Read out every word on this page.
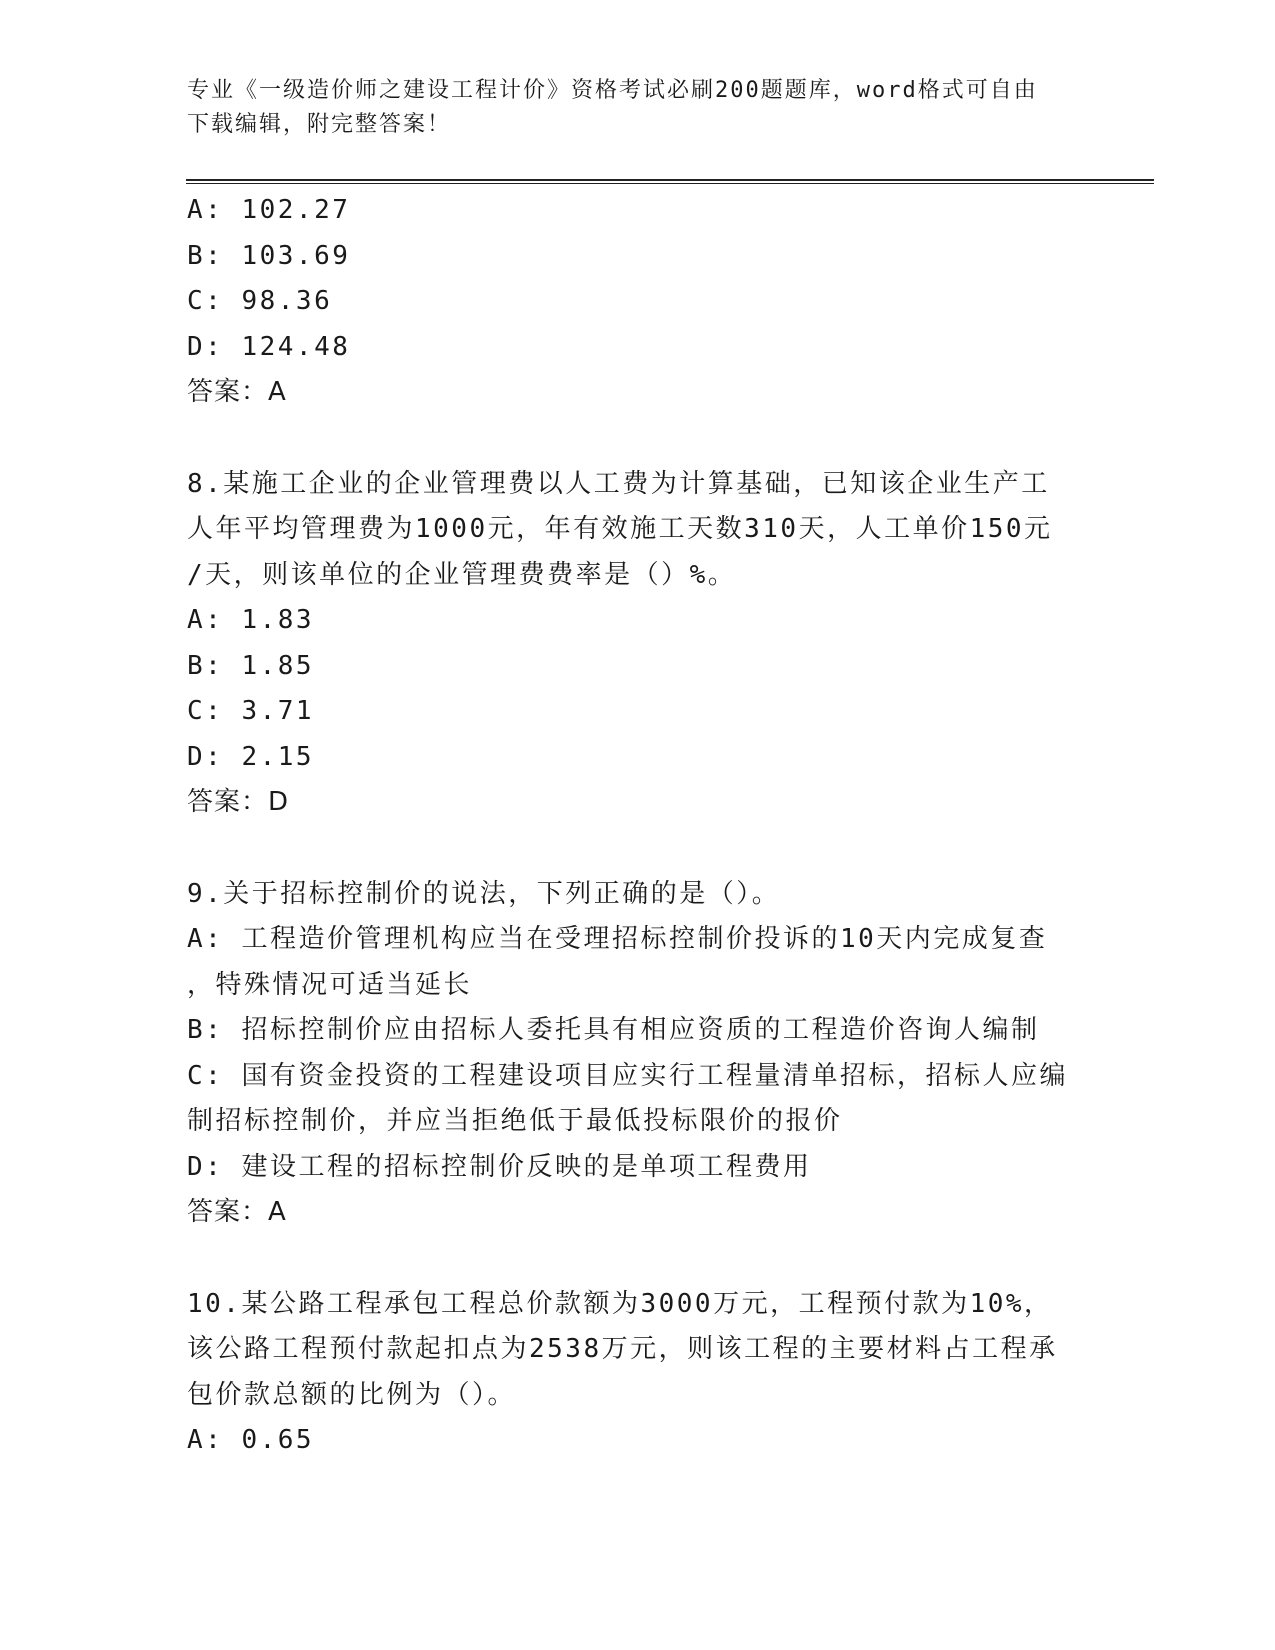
专业《一级造价师之建设工程计价》资格考试必刷200题题库，word格式可自由
下载编辑，附完整答案！
A: 102.27
B: 103.69
C: 98.36
D: 124.48
答案：A
8.某施工企业的企业管理费以人工费为计算基础，已知该企业生产工
人年平均管理费为1000元，年有效施工天数310天，人工单价150元
/天，则该单位的企业管理费费率是（）%。
A: 1.83
B: 1.85
C: 3.71
D: 2.15
答案：D
9.关于招标控制价的说法，下列正确的是（）。
A: 工程造价管理机构应当在受理招标控制价投诉的10天内完成复查
，特殊情况可适当延长
B: 招标控制价应由招标人委托具有相应资质的工程造价咨询人编制
C: 国有资金投资的工程建设项目应实行工程量清单招标，招标人应编
制招标控制价，并应当拒绝低于最低投标限价的报价
D: 建设工程的招标控制价反映的是单项工程费用
答案：A
10.某公路工程承包工程总价款额为3000万元，工程预付款为10%，
该公路工程预付款起扣点为2538万元，则该工程的主要材料占工程承
包价款总额的比例为（）。
A: 0.65
